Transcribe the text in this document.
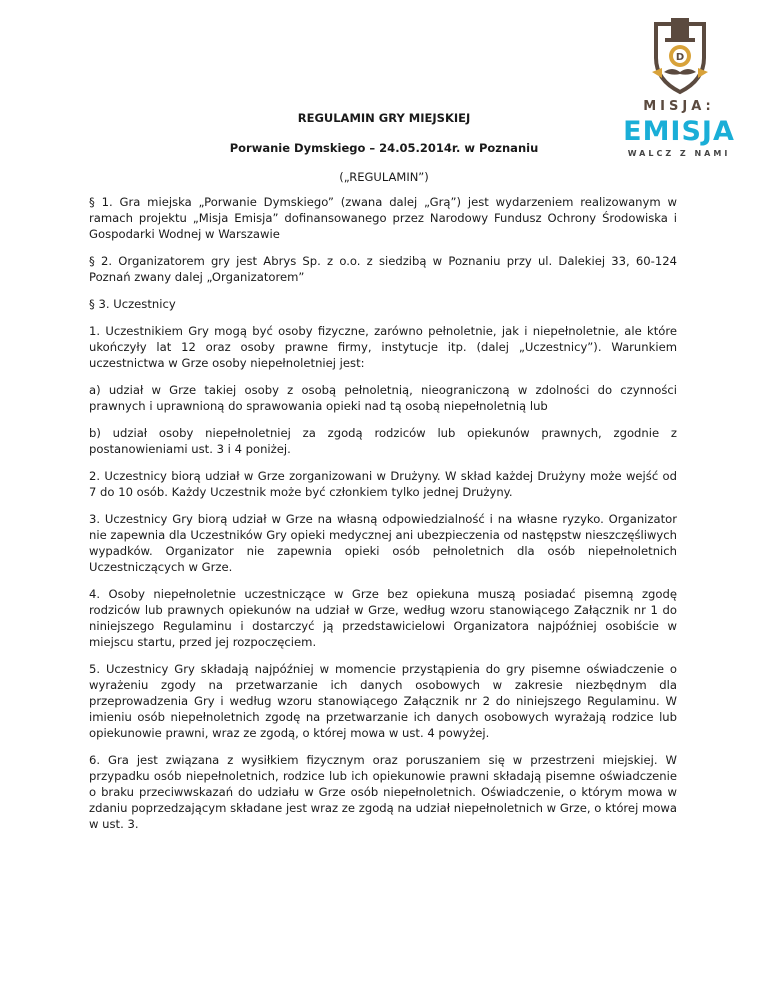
D
MISJA:
EMISJA
WALCZ Z NAMI
REGULAMIN GRY MIEJSKIEJ
Porwanie Dymskiego – 24.05.2014r. w Poznaniu
(„REGULAMIN”)

§ 1. Gra miejska „Porwanie Dymskiego” (zwana dalej „Grą”) jest wydarzeniem realizowanym w ramach projektu „Misja Emisja” dofinansowanego przez Narodowy Fundusz Ochrony Środowiska i Gospodarki Wodnej w Warszawie

§ 2. Organizatorem gry jest Abrys Sp. z o.o. z siedzibą w Poznaniu przy ul. Dalekiej 33, 60-124 Poznań zwany dalej „Organizatorem”

§ 3. Uczestnicy

1. Uczestnikiem Gry mogą być osoby fizyczne, zarówno pełnoletnie, jak i niepełnoletnie, ale które ukończyły lat 12 oraz osoby prawne firmy, instytucje itp. (dalej „Uczestnicy”). Warunkiem uczestnictwa w Grze osoby niepełnoletniej jest:

a) udział w Grze takiej osoby z osobą pełnoletnią, nieograniczoną w zdolności do czynności prawnych i uprawnioną do sprawowania opieki nad tą osobą niepełnoletnią lub

b) udział osoby niepełnoletniej za zgodą rodziców lub opiekunów prawnych, zgodnie z postanowieniami ust. 3 i 4 poniżej.

2. Uczestnicy biorą udział w Grze zorganizowani w Drużyny. W skład każdej Drużyny może wejść od 7 do 10 osób. Każdy Uczestnik może być członkiem tylko jednej Drużyny.

3. Uczestnicy Gry biorą udział w Grze na własną odpowiedzialność i na własne ryzyko. Organizator nie zapewnia dla Uczestników Gry opieki medycznej ani ubezpieczenia od następstw nieszczęśliwych wypadków. Organizator nie zapewnia opieki osób pełnoletnich dla osób niepełnoletnich Uczestniczących w Grze.

4. Osoby niepełnoletnie uczestniczące w Grze bez opiekuna muszą posiadać pisemną zgodę rodziców lub prawnych opiekunów na udział w Grze, według wzoru stanowiącego Załącznik nr 1 do niniejszego Regulaminu i dostarczyć ją przedstawicielowi Organizatora najpóźniej osobiście w miejscu startu, przed jej rozpoczęciem.

5. Uczestnicy Gry składają najpóźniej w momencie przystąpienia do gry pisemne oświadczenie o wyrażeniu zgody na przetwarzanie ich danych osobowych w zakresie niezbędnym dla przeprowadzenia Gry i według wzoru stanowiącego Załącznik nr 2 do niniejszego Regulaminu. W imieniu osób niepełnoletnich zgodę na przetwarzanie ich danych osobowych wyrażają rodzice lub opiekunowie prawni, wraz ze zgodą, o której mowa w ust. 4 powyżej.

6. Gra jest związana z wysiłkiem fizycznym oraz poruszaniem się w przestrzeni miejskiej. W przypadku osób niepełnoletnich, rodzice lub ich opiekunowie prawni składają pisemne oświadczenie o braku przeciwwskazań do udziału w Grze osób niepełnoletnich. Oświadczenie, o którym mowa w zdaniu poprzedzającym składane jest wraz ze zgodą na udział niepełnoletnich w Grze, o której mowa w ust. 3.
